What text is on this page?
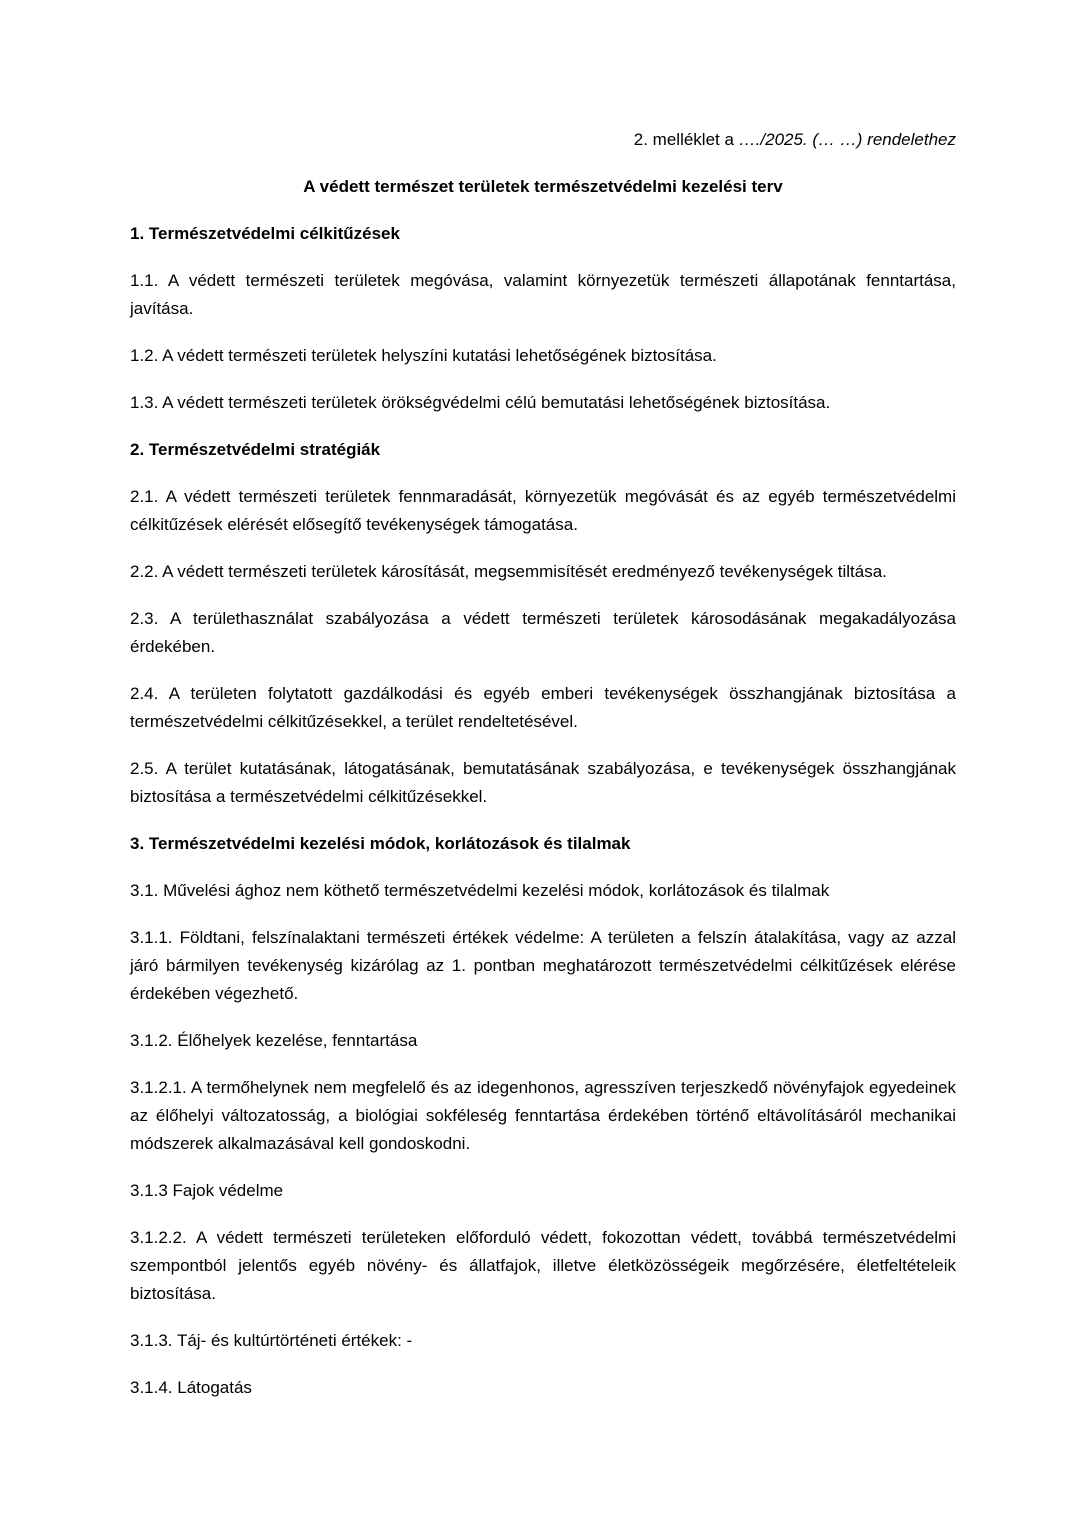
2. melléklet a …./2025. (… …) rendelethez

A védett természet területek természetvédelmi kezelési terv

1. Természetvédelmi célkitűzések

1.1. A védett természeti területek megóvása, valamint környezetük természeti állapotának fenntartása, javítása.

1.2. A védett természeti területek helyszíni kutatási lehetőségének biztosítása.

1.3. A védett természeti területek örökségvédelmi célú bemutatási lehetőségének biztosítása.

2. Természetvédelmi stratégiák

2.1. A védett természeti területek fennmaradását, környezetük megóvását és az egyéb természetvédelmi célkitűzések elérését elősegítő tevékenységek támogatása.

2.2. A védett természeti területek károsítását, megsemmisítését eredményező tevékenységek tiltása.

2.3. A területhasználat szabályozása a védett természeti területek károsodásának megakadályozása érdekében.

2.4. A területen folytatott gazdálkodási és egyéb emberi tevékenységek összhangjának biztosítása a természetvédelmi célkitűzésekkel, a terület rendeltetésével.

2.5. A terület kutatásának, látogatásának, bemutatásának szabályozása, e tevékenységek összhangjának biztosítása a természetvédelmi célkitűzésekkel.

3. Természetvédelmi kezelési módok, korlátozások és tilalmak

3.1. Művelési ághoz nem köthető természetvédelmi kezelési módok, korlátozások és tilalmak

3.1.1. Földtani, felszínalaktani természeti értékek védelme: A területen a felszín átalakítása, vagy az azzal járó bármilyen tevékenység kizárólag az 1. pontban meghatározott természetvédelmi célkitűzések elérése érdekében végezhető.

3.1.2. Élőhelyek kezelése, fenntartása

3.1.2.1. A termőhelynek nem megfelelő és az idegenhonos, agresszíven terjeszkedő növényfajok egyedeinek az élőhelyi változatosság, a biológiai sokféleség fenntartása érdekében történő eltávolításáról mechanikai módszerek alkalmazásával kell gondoskodni.

3.1.3 Fajok védelme

3.1.2.2. A védett természeti területeken előforduló védett, fokozottan védett, továbbá természetvédelmi szempontból jelentős egyéb növény- és állatfajok, illetve életközösségeik megőrzésére, életfeltételeik biztosítása.

3.1.3. Táj- és kultúrtörténeti értékek: -

3.1.4. Látogatás
